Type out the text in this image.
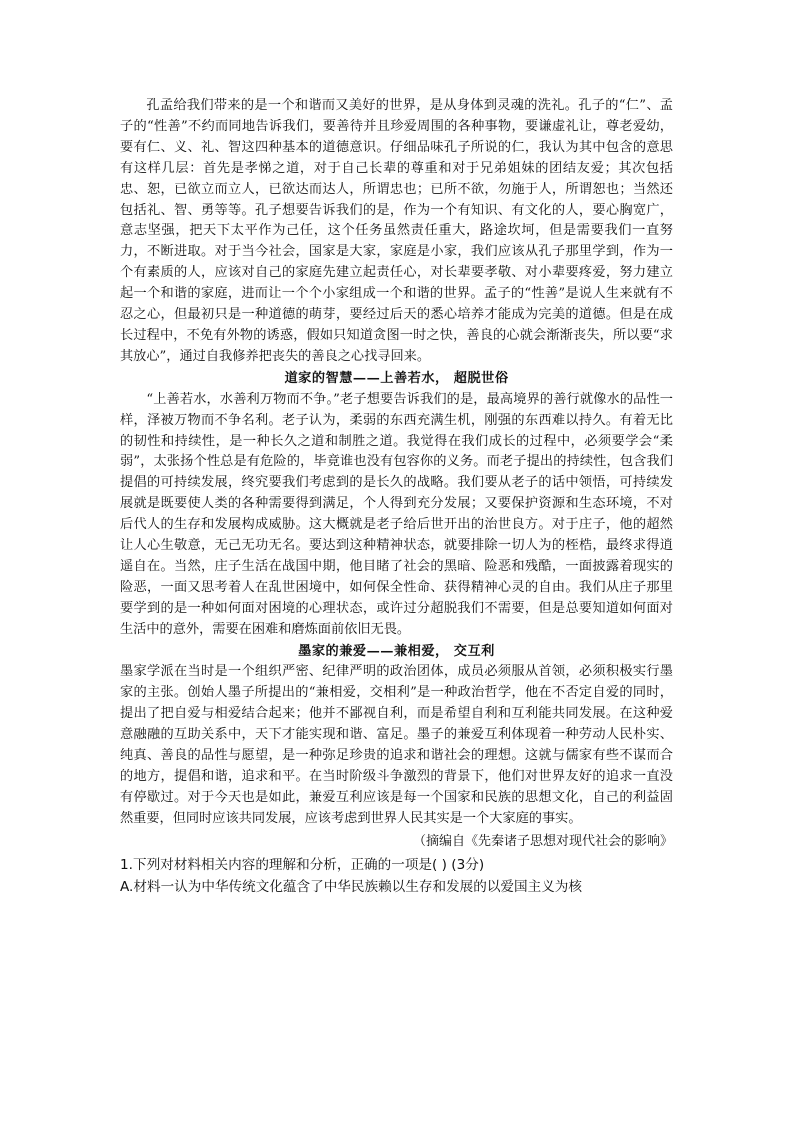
孔孟给我们带来的是一个和谐而又美好的世界，是从身体到灵魂的洗礼。孔子的“仁”、孟子的“性善”不约而同地告诉我们，要善待并且珍爱周围的各种事物，要谦虚礼让，尊老爱幼，要有仁、义、礼、智这四种基本的道德意识。仔细品味孔子所说的仁，我认为其中包含的意思有这样几层：首先是孝悌之道，对于自己长辈的尊重和对于兄弟姐妹的团结友爱；其次包括忠、恕，已欲立而立人，已欲达而达人，所谓忠也；已所不欲，勿施于人，所谓恕也；当然还包括礼、智、勇等等。孔子想要告诉我们的是，作为一个有知识、有文化的人，要心胸宽广，意志坚强，把天下太平作为己任，这个任务虽然责任重大，路途坎坷，但是需要我们一直努力，不断进取。对于当今社会，国家是大家，家庭是小家，我们应该从孔子那里学到，作为一个有素质的人，应该对自己的家庭先建立起责任心，对长辈要孝敬、对小辈要疼爱，努力建立起一个和谐的家庭，进而让一个个小家组成一个和谐的世界。孟子的“性善”是说人生来就有不忍之心，但最初只是一种道德的萌芽，要经过后天的悉心培养才能成为完美的道德。但是在成长过程中，不免有外物的诱惑，假如只知道贪图一时之快，善良的心就会渐渐丧失，所以要“求其放心”，通过自我修养把丧失的善良之心找寻回来。

道家的智慧——上善若水， 超脱世俗

“上善若水，水善利万物而不争。”老子想要告诉我们的是，最高境界的善行就像水的品性一样，泽被万物而不争名利。老子认为，柔弱的东西充满生机，刚强的东西难以持久。有着无比的韧性和持续性，是一种长久之道和制胜之道。我觉得在我们成长的过程中，必须要学会“柔弱”，太张扬个性总是有危险的，毕竟谁也没有包容你的义务。而老子提出的持续性，包含我们提倡的可持续发展，终究要我们考虑到的是长久的战略。我们要从老子的话中领悟，可持续发展就是既要使人类的各种需要得到满足，个人得到充分发展；又要保护资源和生态环境，不对后代人的生存和发展构成威胁。这大概就是老子给后世开出的治世良方。对于庄子，他的超然让人心生敬意，无己无功无名。要达到这种精神状态，就要排除一切人为的桎梏，最终求得逍遥自在。当然，庄子生活在战国中期，他目睹了社会的黑暗、险恶和残酷，一面披露着现实的险恶，一面又思考着人在乱世困境中，如何保全性命、获得精神心灵的自由。我们从庄子那里要学到的是一种如何面对困境的心理状态，或许过分超脱我们不需要，但是总要知道如何面对生活中的意外，需要在困难和磨炼面前依旧无畏。

墨家的兼爱——兼相爱， 交互利

墨家学派在当时是一个组织严密、纪律严明的政治团体，成员必须服从首领，必须积极实行墨家的主张。创始人墨子所提出的“兼相爱，交相利”是一种政治哲学，他在不否定自爱的同时，提出了把自爱与相爱结合起来；他并不鄙视自利，而是希望自利和互利能共同发展。在这种爱意融融的互助关系中，天下才能实现和谐、富足。墨子的兼爱互利体现着一种劳动人民朴实、纯真、善良的品性与愿望，是一种弥足珍贵的追求和谐社会的理想。这就与儒家有些不谋而合的地方，提倡和谐，追求和平。在当时阶级斗争激烈的背景下，他们对世界友好的追求一直没有停歇过。对于今天也是如此，兼爱互利应该是每一个国家和民族的思想文化，自己的利益固然重要，但同时应该共同发展，应该考虑到世界人民其实是一个大家庭的事实。

（摘编自《先秦诸子思想对现代社会的影响》

1.下列对材料相关内容的理解和分析，正确的一项是( ) (3分)

A.材料一认为中华传统文化蕴含了中华民族赖以生存和发展的以爱国主义为核
